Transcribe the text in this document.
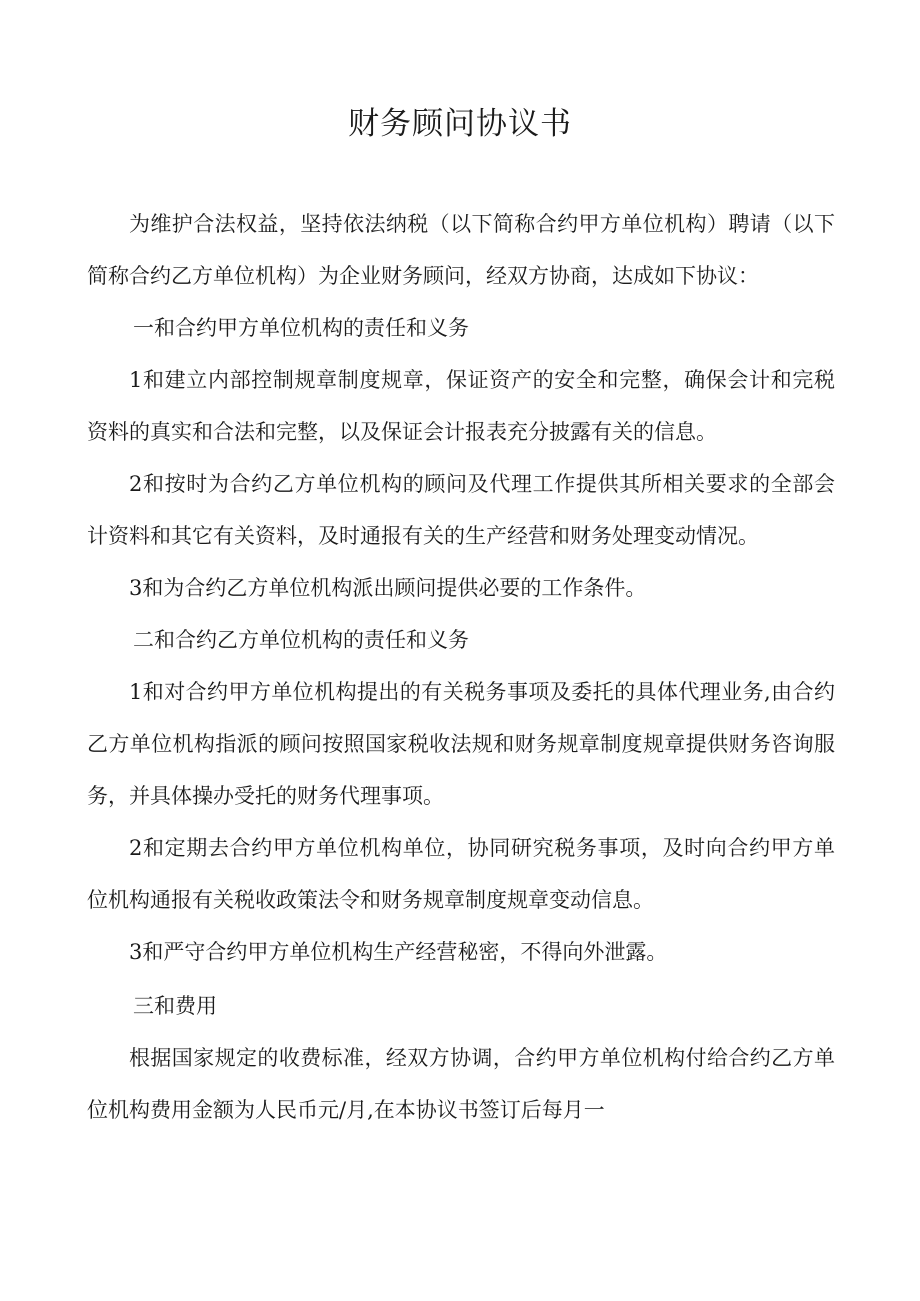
财务顾问协议书

为维护合法权益，坚持依法纳税（以下简称合约甲方单位机构）聘请（以下简称合约乙方单位机构）为企业财务顾问，经双方协商，达成如下协议：

一和合约甲方单位机构的责任和义务

1和建立内部控制规章制度规章，保证资产的安全和完整，确保会计和完税资料的真实和合法和完整，以及保证会计报表充分披露有关的信息。

2和按时为合约乙方单位机构的顾问及代理工作提供其所相关要求的全部会计资料和其它有关资料，及时通报有关的生产经营和财务处理变动情况。

3和为合约乙方单位机构派出顾问提供必要的工作条件。

二和合约乙方单位机构的责任和义务

1和对合约甲方单位机构提出的有关税务事项及委托的具体代理业务,由合约乙方单位机构指派的顾问按照国家税收法规和财务规章制度规章提供财务咨询服务，并具体操办受托的财务代理事项。

2和定期去合约甲方单位机构单位，协同研究税务事项，及时向合约甲方单位机构通报有关税收政策法令和财务规章制度规章变动信息。

3和严守合约甲方单位机构生产经营秘密，不得向外泄露。

三和费用

根据国家规定的收费标准，经双方协调，合约甲方单位机构付给合约乙方单位机构费用金额为人民币元/月,在本协议书签订后每月一
